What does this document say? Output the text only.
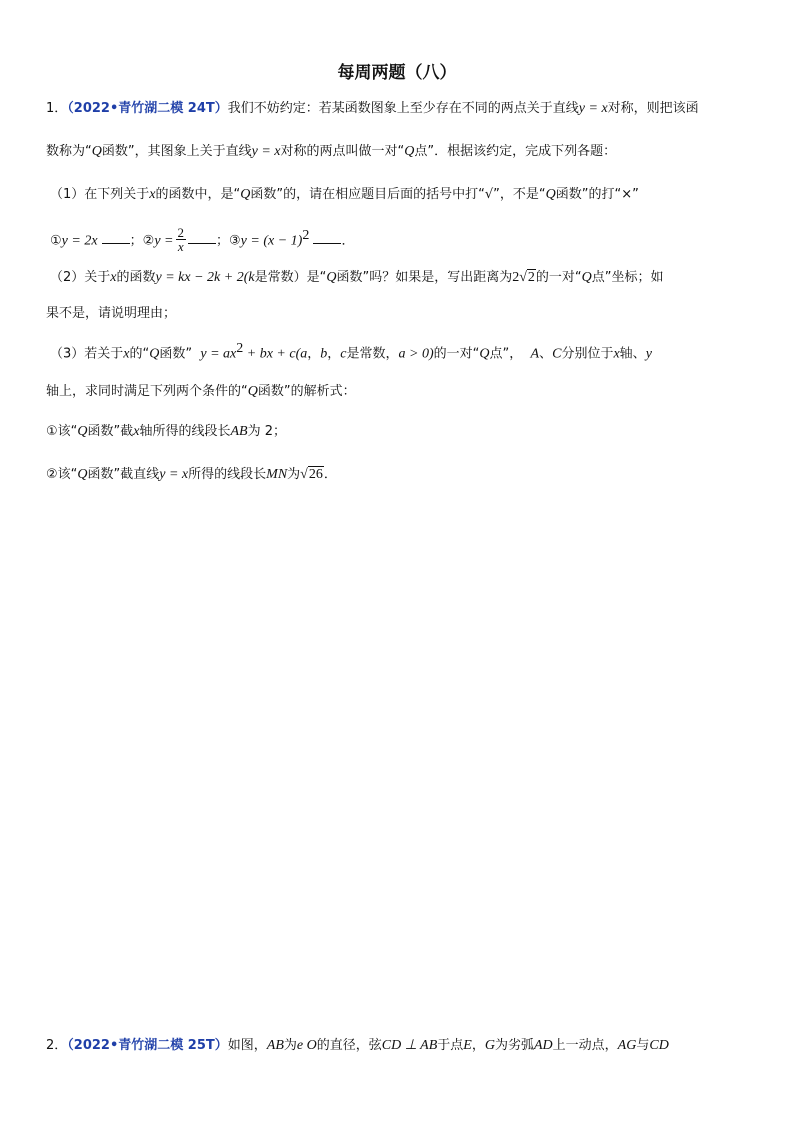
每周两题（八）
1．（2022•青竹湖二模 24T）我们不妨约定：若某函数图象上至少存在不同的两点关于直线y = x对称，则把该函
数称为“Q函数”，其图象上关于直线y = x对称的两点叫做一对“Q点”．根据该约定，完成下列各题：
（1）在下列关于x的函数中，是“Q函数”的，请在相应题目后面的括号中打“√”，不是“Q函数”的打“×”
①y = 2x ；②y = $\frac{2}{x}$ ；③y = $(x - 1)^2$ ．
（2）关于x的函数y = kx − 2k + 2(k是常数）是“Q函数”吗？如果是，写出距离为2√2的一对“Q点”坐标；如
果不是，请说明理由；
（3）若关于x的“Q函数” $y = ax^2$ + bx + c(a，b，c是常数，a > 0)的一对“Q点”， A、C分别位于x轴、y
轴上，求同时满足下列两个条件的“Q函数”的解析式：
①该“Q函数”截x轴所得的线段长AB为 2；
②该“Q函数”截直线y = x所得的线段长MN为√26．
2．（2022•青竹湖二模 25T）如图，AB为e O的直径，弦CD ⊥ AB于点E，G为劣弧AD上一动点，AG与CD
